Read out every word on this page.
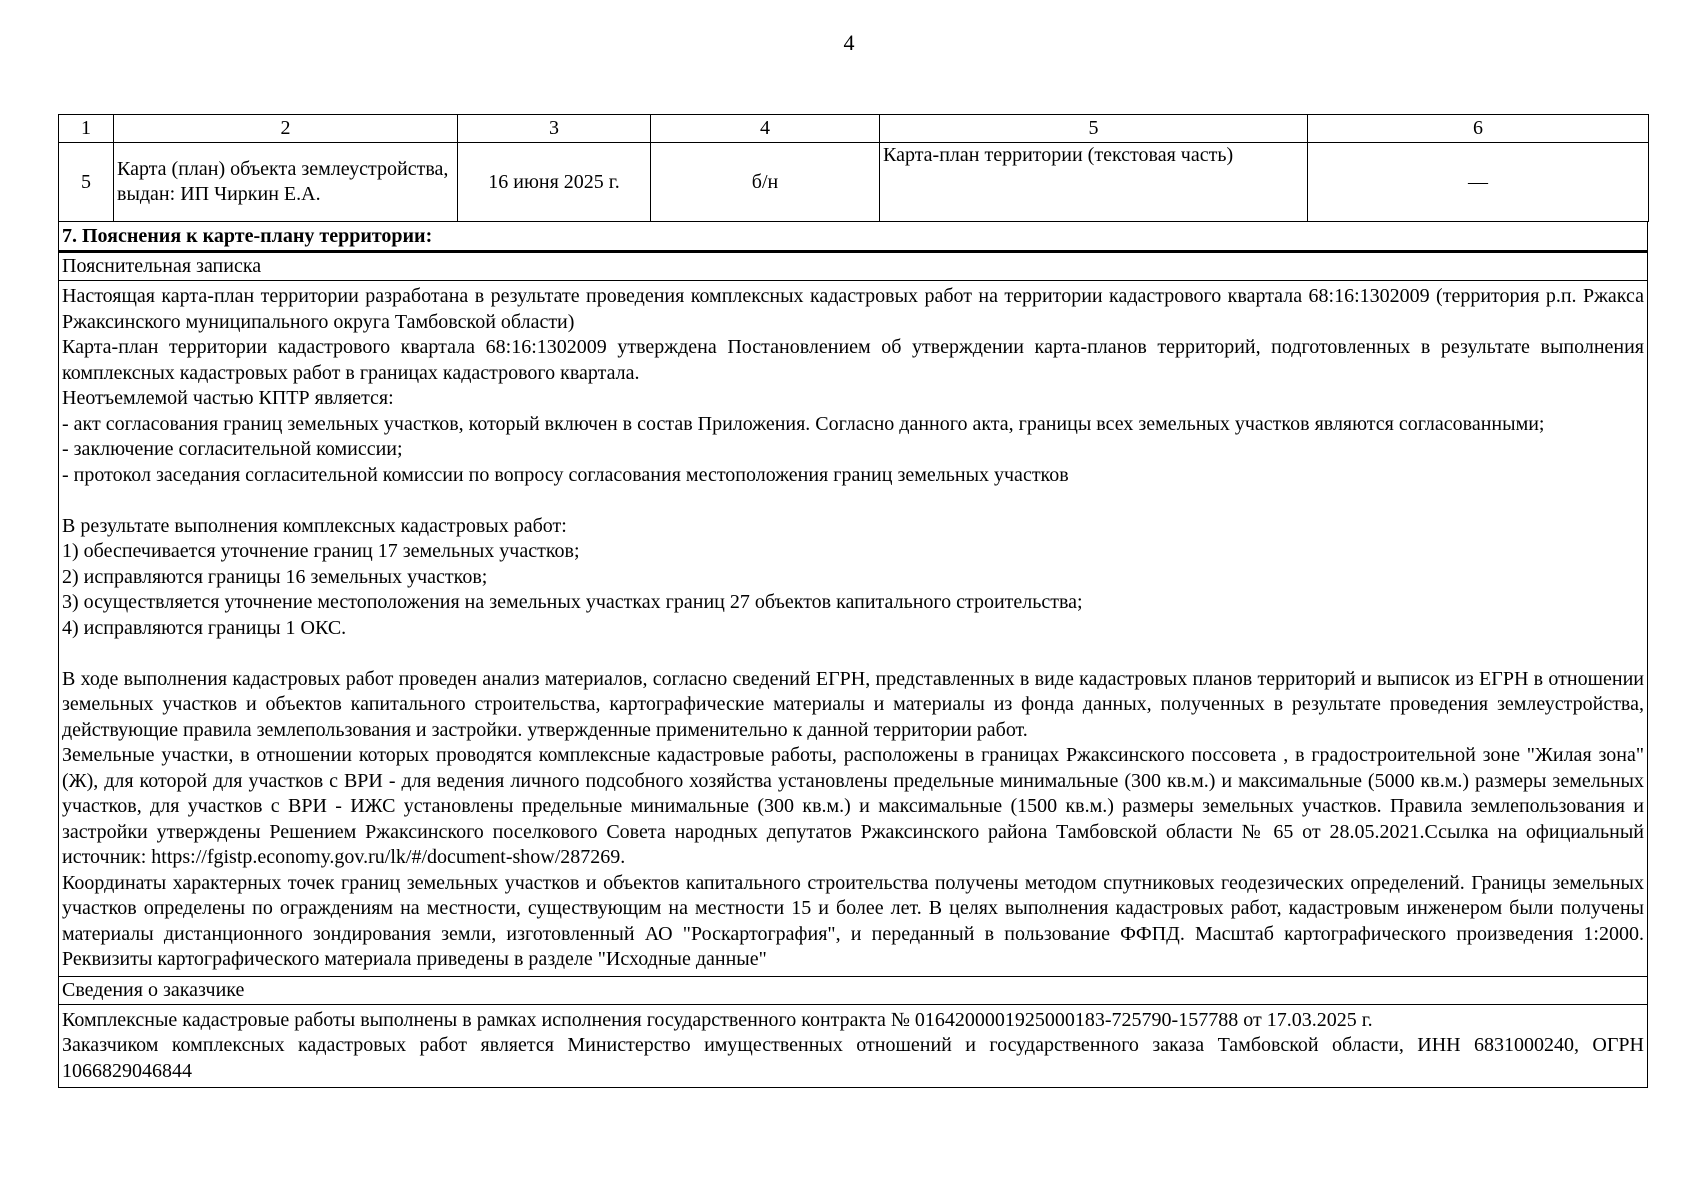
4
1	2	3	4	5	6
5	Карта (план) объекта землеустройства, выдан: ИП Чиркин Е.А.	16 июня 2025 г.	б/н	Карта-план территории (текстовая часть)	—
7. Пояснения к карте-плану территории:
Пояснительная записка

Настоящая карта-план территории разработана в результате проведения комплексных кадастровых работ на территории кадастрового квартала 68:16:1302009 (территория р.п. Ржакса Ржаксинского муниципального округа Тамбовской области)

Карта-план территории кадастрового квартала 68:16:1302009 утверждена Постановлением об утверждении карта-планов территорий, подготовленных в результате выполнения комплексных кадастровых работ в границах кадастрового квартала.

Неотъемлемой частью КПТР является:

- акт согласования границ земельных участков, который включен в состав Приложения. Согласно данного акта, границы всех земельных участков являются согласованными;

- заключение согласительной комиссии;

- протокол заседания согласительной комиссии по вопросу согласования местоположения границ земельных участков

В результате выполнения комплексных кадастровых работ:

1) обеспечивается уточнение границ 17 земельных участков;

2) исправляются границы 16 земельных участков;

3) осуществляется уточнение местоположения на земельных участках границ 27 объектов капитального строительства;

4) исправляются границы 1 ОКС.

В ходе выполнения кадастровых работ проведен анализ материалов, согласно сведений ЕГРН, представленных в виде кадастровых планов территорий и выписок из ЕГРН в отношении земельных участков и объектов капитального строительства, картографические материалы и материалы из фонда данных, полученных в результате проведения землеустройства, действующие правила землепользования и застройки. утвержденные применительно к данной территории работ.

Земельные участки, в отношении которых проводятся комплексные кадастровые работы, расположены в границах Ржаксинского поссовета , в градостроительной зоне "Жилая зона" (Ж), для которой для участков с ВРИ - для ведения личного подсобного хозяйства установлены предельные минимальные (300 кв.м.) и максимальные (5000 кв.м.) размеры земельных участков, для участков с ВРИ - ИЖС установлены предельные минимальные (300 кв.м.) и максимальные (1500 кв.м.) размеры земельных участков. Правила землепользования и застройки утверждены Решением Ржаксинского поселкового Совета народных депутатов Ржаксинского района Тамбовской области № 65 от 28.05.2021.Ссылка на официальный источник: https://fgistp.economy.gov.ru/lk/#/document-show/287269.

Координаты характерных точек границ земельных участков и объектов капитального строительства получены методом спутниковых геодезических определений. Границы земельных участков определены по ограждениям на местности, существующим на местности 15 и более лет. В целях выполнения кадастровых работ, кадастровым инженером были получены материалы дистанционного зондирования земли, изготовленный АО "Роскартография", и переданный в пользование ФФПД. Масштаб картографического произведения 1:2000. Реквизиты картографического материала приведены в разделе "Исходные данные"

Сведения о заказчике

Комплексные кадастровые работы выполнены в рамках исполнения государственного контракта № 0164200001925000183-725790-157788 от 17.03.2025 г.

Заказчиком комплексных кадастровых работ является Министерство имущественных отношений и государственного заказа Тамбовской области, ИНН 6831000240, ОГРН 1066829046844
